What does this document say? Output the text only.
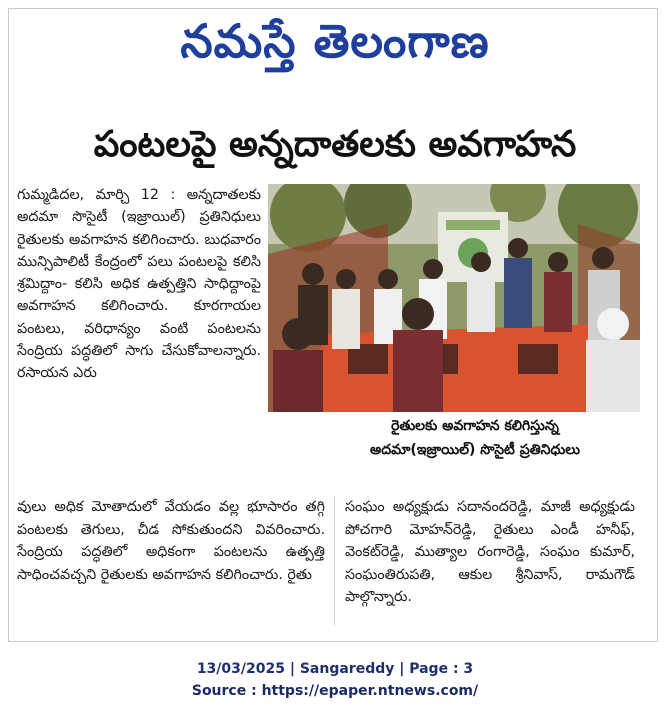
నమస్తే తెలంగాణ
పంటలపై అన్నదాతలకు అవగాహన
గుమ్మడిదల, మార్చి 12 : అన్నదాతలకు అదమా సొసైటీ (ఇజ్రాయిల్) ప్రతినిధులు రైతులకు అవగాహన కలిగించారు. బుధవారం మున్సిపాలిటీ కేంద్రంలో పలు పంటలపై కలిసి శ్రమిద్దాం- కలిసి అధిక ఉత్పత్తిని సాధిద్దాంపై అవగాహన కలిగించారు. కూరగాయల పంటలు, వరిధాన్యం వంటి పంటలను సేంద్రియ పద్ధతిలో సాగు చేసుకోవాలన్నారు. రసాయన ఎరు
రైతులకు అవగాహన కలిగిస్తున్న
అదమా(ఇజ్రాయిల్) సొసైటీ ప్రతినిధులు
వులు అధిక మోతాదులో వేయడం వల్ల భూసారం తగ్గి పంటలకు తెగులు, చీడ సోకుతుందని వివరించారు. సేంద్రియ పద్ధతిలో అధికంగా పంటలను ఉత్పత్తి సాధించవచ్చని రైతులకు అవగాహన కలిగించారు. రైతు
సంఘం అధ్యక్షుడు సదానందరెడ్డి, మాజీ అధ్యక్షుడు పోచగారి మోహన్‌రెడ్డి, రైతులు ఎండీ హనీఫ్, వెంకట్‌రెడ్డి, ముత్యాల రంగారెడ్డి, సంఘం కుమార్, సంఘంతిరుపతి, ఆకుల శ్రీనివాస్, రామగౌడ్ పాల్గొన్నారు.
13/03/2025 | Sangareddy | Page : 3
Source : https://epaper.ntnews.com/
